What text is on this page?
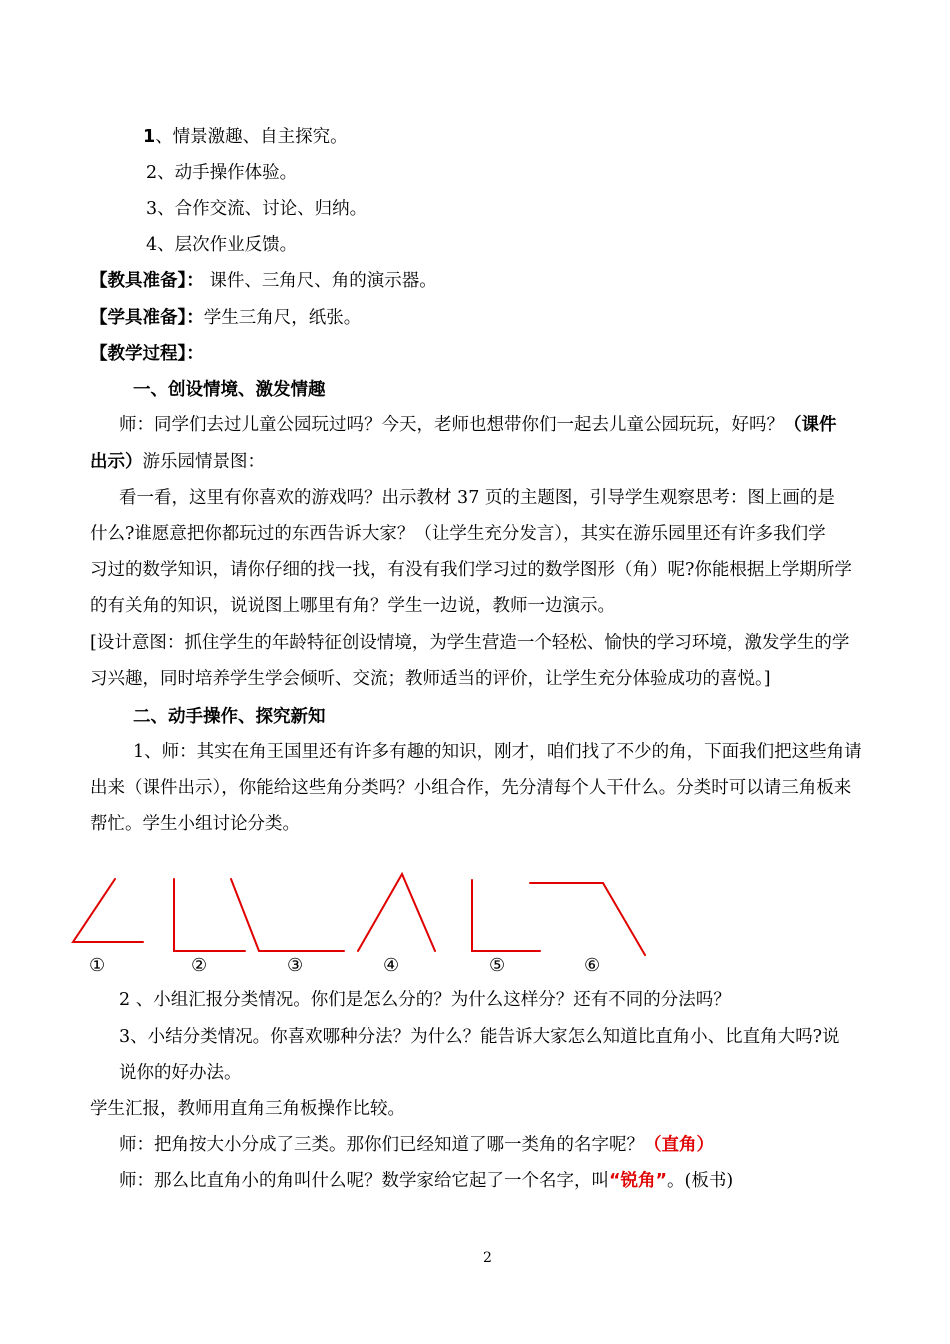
1、情景激趣、自主探究。
2、动手操作体验。
3、合作交流、讨论、归纳。
4、层次作业反馈。
【教具准备】： 课件、三角尺、角的演示器。
【学具准备】：学生三角尺，纸张。
【教学过程】：
一、创设情境、激发情趣
师：同学们去过儿童公园玩过吗？今天，老师也想带你们一起去儿童公园玩玩，好吗？（课件
出示）游乐园情景图：
看一看，这里有你喜欢的游戏吗？出示教材 37 页的主题图，引导学生观察思考：图上画的是
什么?谁愿意把你都玩过的东西告诉大家？（让学生充分发言），其实在游乐园里还有许多我们学
习过的数学知识，请你仔细的找一找，有没有我们学习过的数学图形（角）呢?你能根据上学期所学
的有关角的知识，说说图上哪里有角？学生一边说，教师一边演示。
[设计意图：抓住学生的年龄特征创设情境，为学生营造一个轻松、愉快的学习环境，激发学生的学
习兴趣，同时培养学生学会倾听、交流；教师适当的评价，让学生充分体验成功的喜悦。]
二、动手操作、探究新知
1、师：其实在角王国里还有许多有趣的知识，刚才，咱们找了不少的角，下面我们把这些角请
出来（课件出示），你能给这些角分类吗？小组合作，先分清每个人干什么。分类时可以请三角板来
帮忙。学生小组讨论分类。
①	②	③	④	⑤	⑥
2 、小组汇报分类情况。你们是怎么分的？为什么这样分？还有不同的分法吗？
3、小结分类情况。你喜欢哪种分法？为什么？能告诉大家怎么知道比直角小、比直角大吗?说
说你的好办法。
学生汇报，教师用直角三角板操作比较。
师：把角按大小分成了三类。那你们已经知道了哪一类角的名字呢？（直角）
师：那么比直角小的角叫什么呢？数学家给它起了一个名字，叫“锐角”。(板书)
2
